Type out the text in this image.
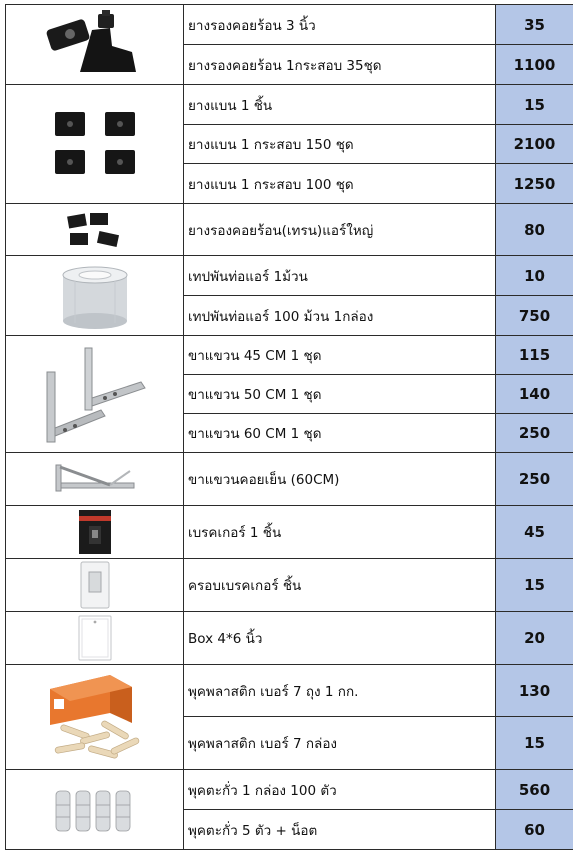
	ยางรองคอยร้อน 3 นิ้ว	35
	ยางรองคอยร้อน 1กระสอบ 35ชุด	1100

	ยางแบน 1 ชิ้น	15
	ยางแบน 1 กระสอบ 150 ชุด	2100
	ยางแบน 1 กระสอบ 100 ชุด	1250

	ยางรองคอยร้อน(เทรน)แอร์ใหญ่	80

	เทปพันท่อแอร์ 1ม้วน	10
	เทปพันท่อแอร์ 100 ม้วน 1กล่อง	750

	ขาแขวน 45 CM 1 ชุด	115
	ขาแขวน 50 CM 1 ชุด	140
	ขาแขวน 60 CM 1 ชุด	250

	ขาแขวนคอยเย็น (60CM)	250

	เบรคเกอร์ 1 ชิ้น	45

	ครอบเบรคเกอร์ ชิ้น	15

	Box 4*6 นิ้ว	20

	พุคพลาสติก เบอร์ 7 ถุง 1 กก.	130
	พุคพลาสติก เบอร์ 7 กล่อง	15

	พุคตะกั่ว 1 กล่อง 100 ตัว	560
	พุคตะกั่ว 5 ตัว + น็อต	60
